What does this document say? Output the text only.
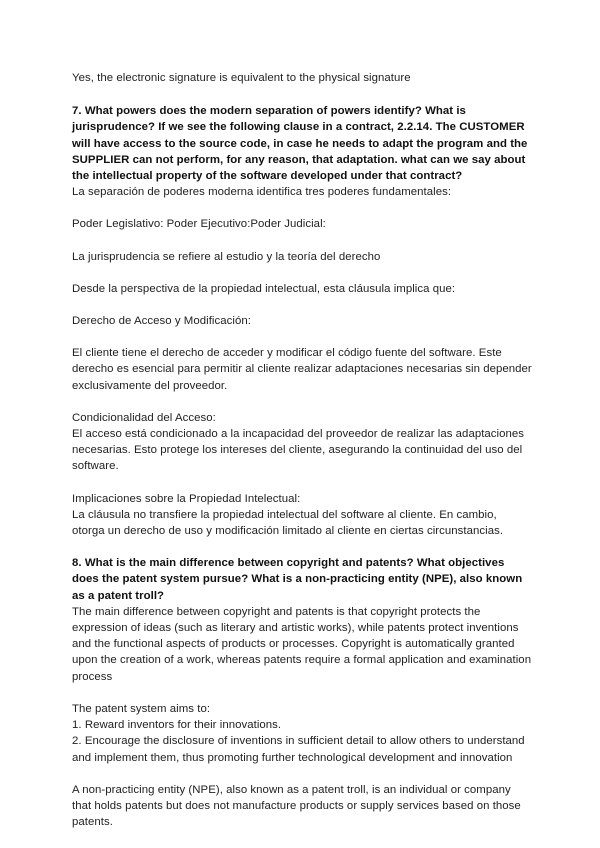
Yes, the electronic signature is equivalent to the physical signature

7. What powers does the modern separation of powers identify? What is jurisprudence? If we see the following clause in a contract, 2.2.14. The CUSTOMER will have access to the source code, in case he needs to adapt the program and the SUPPLIER can not perform, for any reason, that adaptation. what can we say about the intellectual property of the software developed under that contract?

La separación de poderes moderna identifica tres poderes fundamentales:

Poder Legislativo: Poder Ejecutivo:Poder Judicial:

La jurisprudencia se refiere al estudio y la teoría del derecho

Desde la perspectiva de la propiedad intelectual, esta cláusula implica que:

Derecho de Acceso y Modificación:

El cliente tiene el derecho de acceder y modificar el código fuente del software. Este derecho es esencial para permitir al cliente realizar adaptaciones necesarias sin depender exclusivamente del proveedor.

Condicionalidad del Acceso:

El acceso está condicionado a la incapacidad del proveedor de realizar las adaptaciones necesarias. Esto protege los intereses del cliente, asegurando la continuidad del uso del software.

Implicaciones sobre la Propiedad Intelectual:

La cláusula no transfiere la propiedad intelectual del software al cliente. En cambio, otorga un derecho de uso y modificación limitado al cliente en ciertas circunstancias.

8. What is the main difference between copyright and patents? What objectives does the patent system pursue? What is a non-practicing entity (NPE), also known as a patent troll?

The main difference between copyright and patents is that copyright protects the expression of ideas (such as literary and artistic works), while patents protect inventions and the functional aspects of products or processes. Copyright is automatically granted upon the creation of a work, whereas patents require a formal application and examination process

The patent system aims to:

1. Reward inventors for their innovations.

2. Encourage the disclosure of inventions in sufficient detail to allow others to understand and implement them, thus promoting further technological development and innovation

A non-practicing entity (NPE), also known as a patent troll, is an individual or company that holds patents but does not manufacture products or supply services based on those patents.
